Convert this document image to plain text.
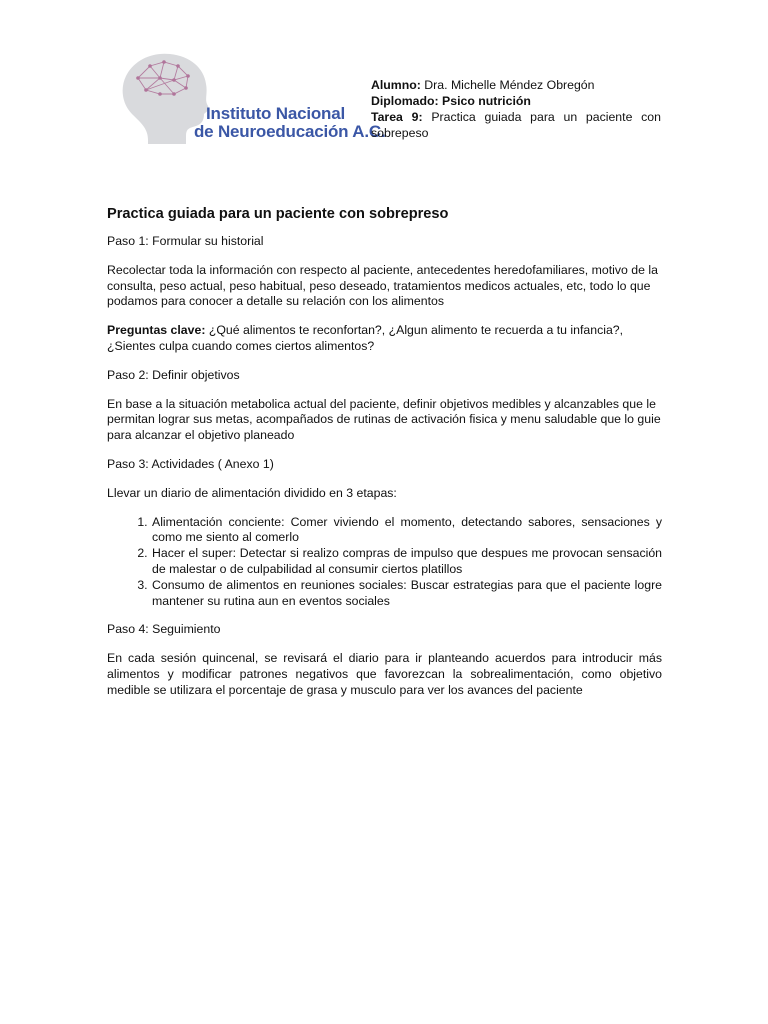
Instituto Nacional
de Neuroeducación A.C.
Alumno: Dra. Michelle Méndez Obregón
Diplomado: Psico nutrición
Tarea 9: Practica guiada para un paciente con sobrepeso
Practica guiada para un paciente con sobrepreso

Paso 1: Formular su historial

Recolectar toda la información con respecto al paciente, antecedentes heredofamiliares, motivo de la consulta, peso actual, peso habitual, peso deseado, tratamientos medicos actuales, etc, todo lo que podamos para conocer a detalle su relación con los alimentos

Preguntas clave: ¿Qué alimentos te reconfortan?, ¿Algun alimento te recuerda a tu infancia?, ¿Sientes culpa cuando comes ciertos alimentos?

Paso 2: Definir objetivos

En base a la situación metabolica actual del paciente, definir objetivos medibles y alcanzables que le permitan lograr sus metas, acompañados de rutinas de activación fisica y menu saludable que lo guie para alcanzar el objetivo planeado

Paso 3: Actividades ( Anexo 1)

Llevar un diario de alimentación dividido en 3 etapas:

1. Alimentación conciente: Comer viviendo el momento, detectando sabores, sensaciones y como me siento al comerlo
2. Hacer el super: Detectar si realizo compras de impulso que despues me provocan sensación de malestar o de culpabilidad al consumir ciertos platillos
3. Consumo de alimentos en reuniones sociales: Buscar estrategias para que el paciente logre mantener su rutina aun en eventos sociales

Paso 4: Seguimiento

En cada sesión quincenal, se revisará el diario para ir planteando acuerdos para introducir más alimentos y modificar patrones negativos que favorezcan la sobrealimentación, como objetivo medible se utilizara el porcentaje de grasa y musculo para ver los avances del paciente
